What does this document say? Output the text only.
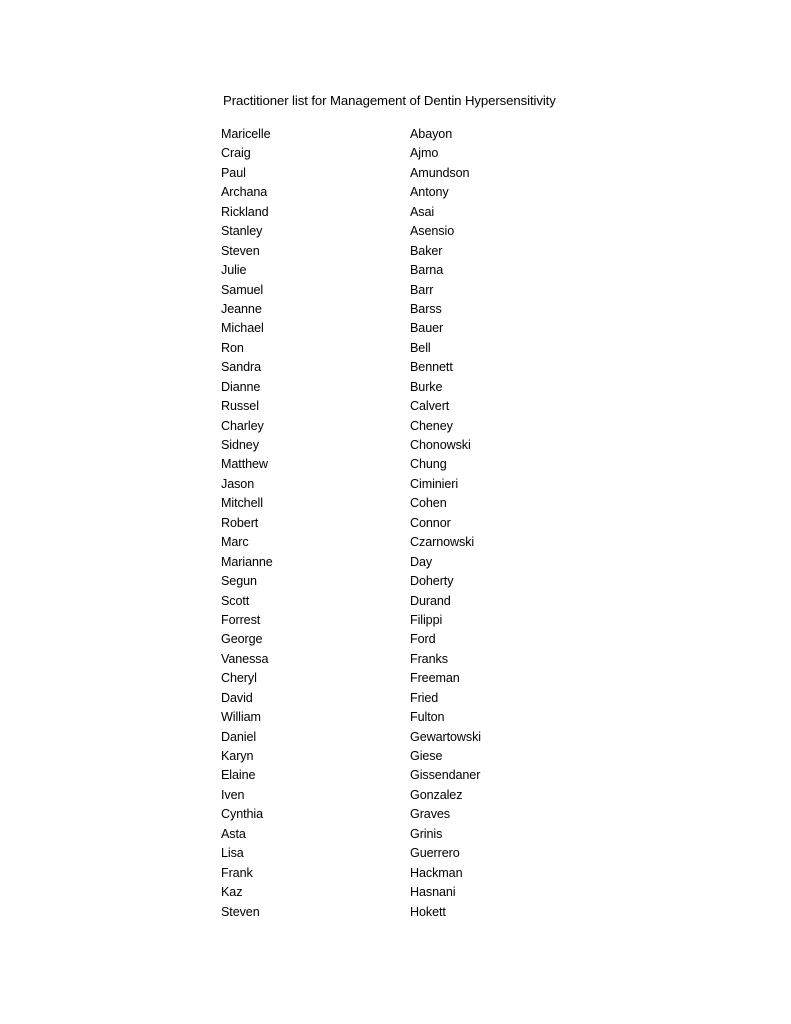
Practitioner list for Management of Dentin Hypersensitivity
Maricelle	Abayon
Craig	Ajmo
Paul	Amundson
Archana	Antony
Rickland	Asai
Stanley	Asensio
Steven	Baker
Julie	Barna
Samuel	Barr
Jeanne	Barss
Michael	Bauer
Ron	Bell
Sandra	Bennett
Dianne	Burke
Russel	Calvert
Charley	Cheney
Sidney	Chonowski
Matthew	Chung
Jason	Ciminieri
Mitchell	Cohen
Robert	Connor
Marc	Czarnowski
Marianne	Day
Segun	Doherty
Scott	Durand
Forrest	Filippi
George	Ford
Vanessa	Franks
Cheryl	Freeman
David	Fried
William	Fulton
Daniel	Gewartowski
Karyn	Giese
Elaine	Gissendaner
Iven	Gonzalez
Cynthia	Graves
Asta	Grinis
Lisa	Guerrero
Frank	Hackman
Kaz	Hasnani
Steven	Hokett
